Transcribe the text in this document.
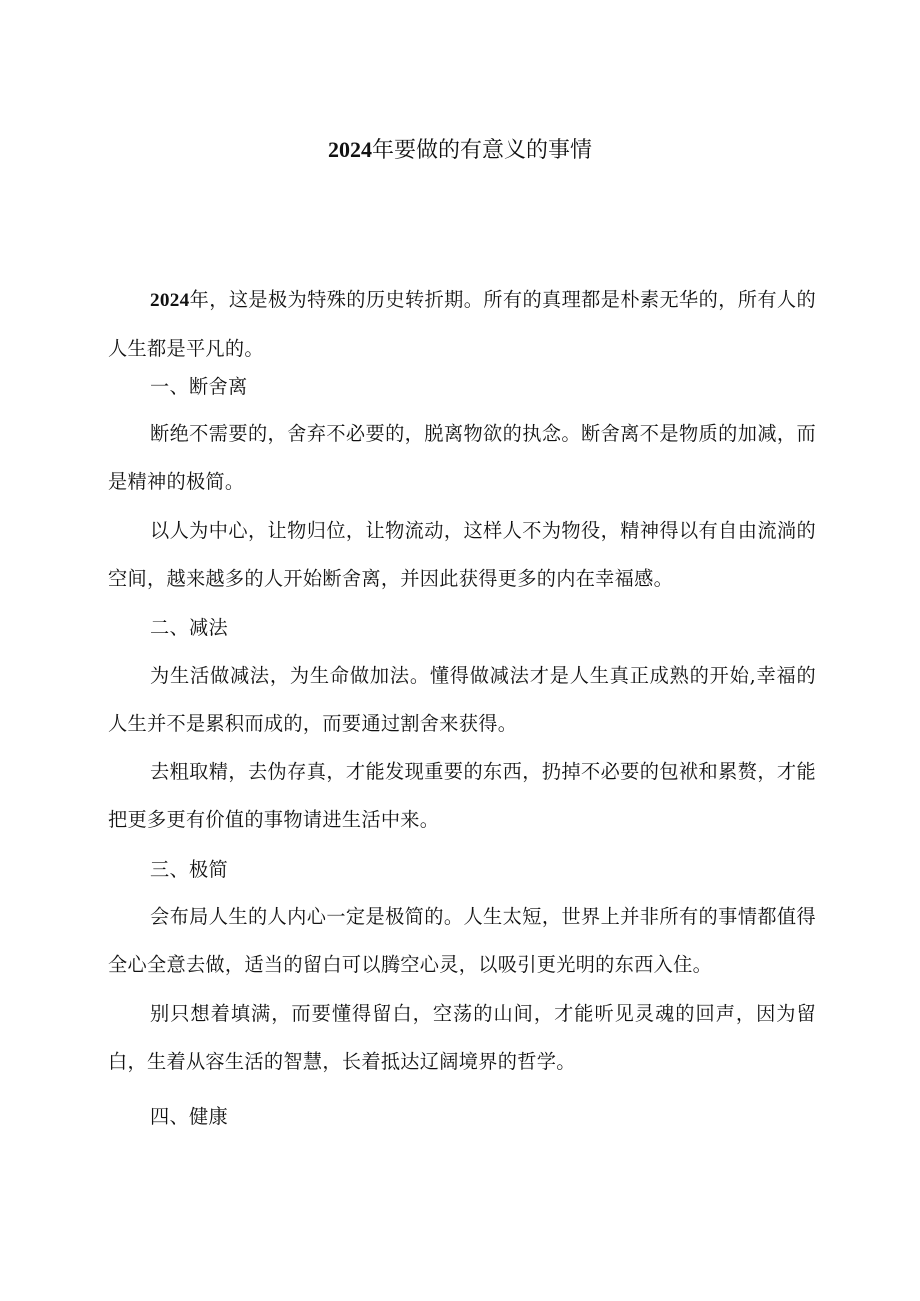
2024年要做的有意义的事情
2024年，这是极为特殊的历史转折期。所有的真理都是朴素无华的，所有人的人生都是平凡的。
一、断舍离
断绝不需要的，舍弃不必要的，脱离物欲的执念。断舍离不是物质的加减，而是精神的极简。
以人为中心，让物归位，让物流动，这样人不为物役，精神得以有自由流淌的空间，越来越多的人开始断舍离，并因此获得更多的内在幸福感。
二、减法
为生活做减法，为生命做加法。懂得做减法才是人生真正成熟的开始,幸福的人生并不是累积而成的，而要通过割舍来获得。
去粗取精，去伪存真，才能发现重要的东西，扔掉不必要的包袱和累赘，才能把更多更有价值的事物请进生活中来。
三、极简
会布局人生的人内心一定是极简的。人生太短，世界上并非所有的事情都值得全心全意去做，适当的留白可以腾空心灵，以吸引更光明的东西入住。
别只想着填满，而要懂得留白，空荡的山间，才能听见灵魂的回声，因为留白，生着从容生活的智慧，长着抵达辽阔境界的哲学。
四、健康
